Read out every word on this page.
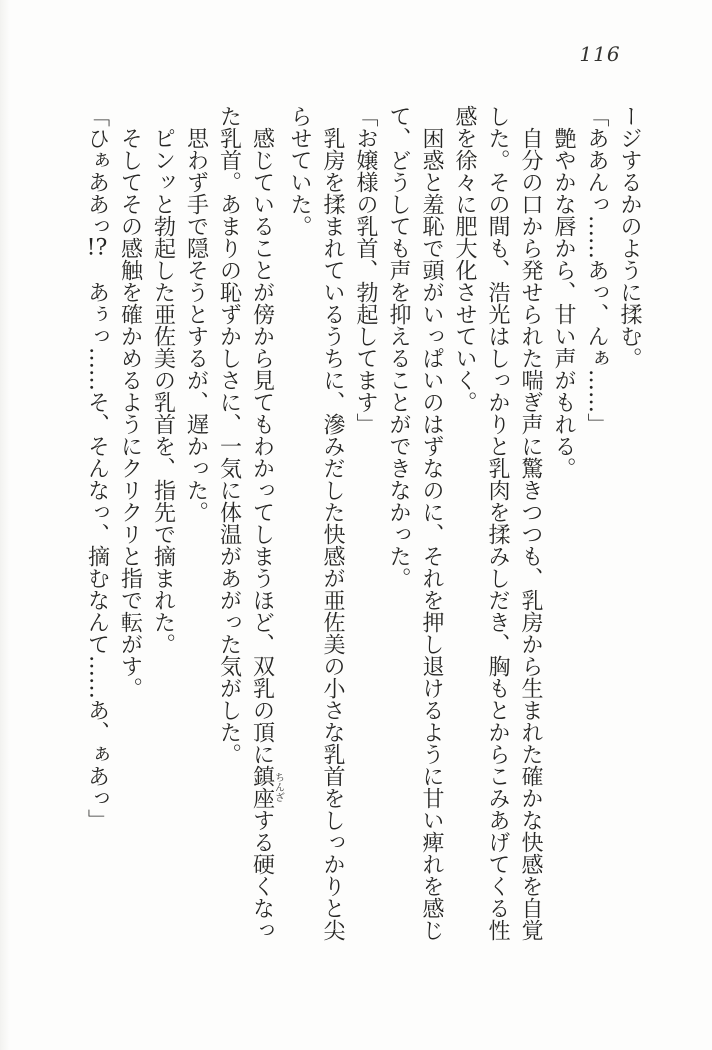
116

ージするかのように揉む。

「ああんっ……あっ、んぁ……」

艶やかな唇から、甘い声がもれる。

自分の口から発せられた喘ぎ声に驚きつつも、乳房から生まれた確かな快感を自覚した。その間も、浩光はしっかりと乳肉を揉みしだき、胸もとからこみあげてくる性感を徐々に肥大化させていく。

困惑と羞恥で頭がいっぱいのはずなのに、それを押し退けるように甘い痺れを感じて、どうしても声を抑えることができなかった。

「お嬢様の乳首、勃起してます」

乳房を揉まれているうちに、滲みだした快感が亜佐美の小さな乳首をしっかりと尖らせていた。

感じていることが傍から見てもわかってしまうほど、双乳の頂に鎮座ちんざする硬くなった乳首。あまりの恥ずかしさに、一気に体温があがった気がした。

思わず手で隠そうとするが、遅かった。

ピンッと勃起した亜佐美の乳首を、指先で摘まれた。

そしてその感触を確かめるようにクリクリと指で転がす。

「ひぁああっ!?　あぅっ……そ、そんなっ、摘むなんて……あ、ぁあっ」
